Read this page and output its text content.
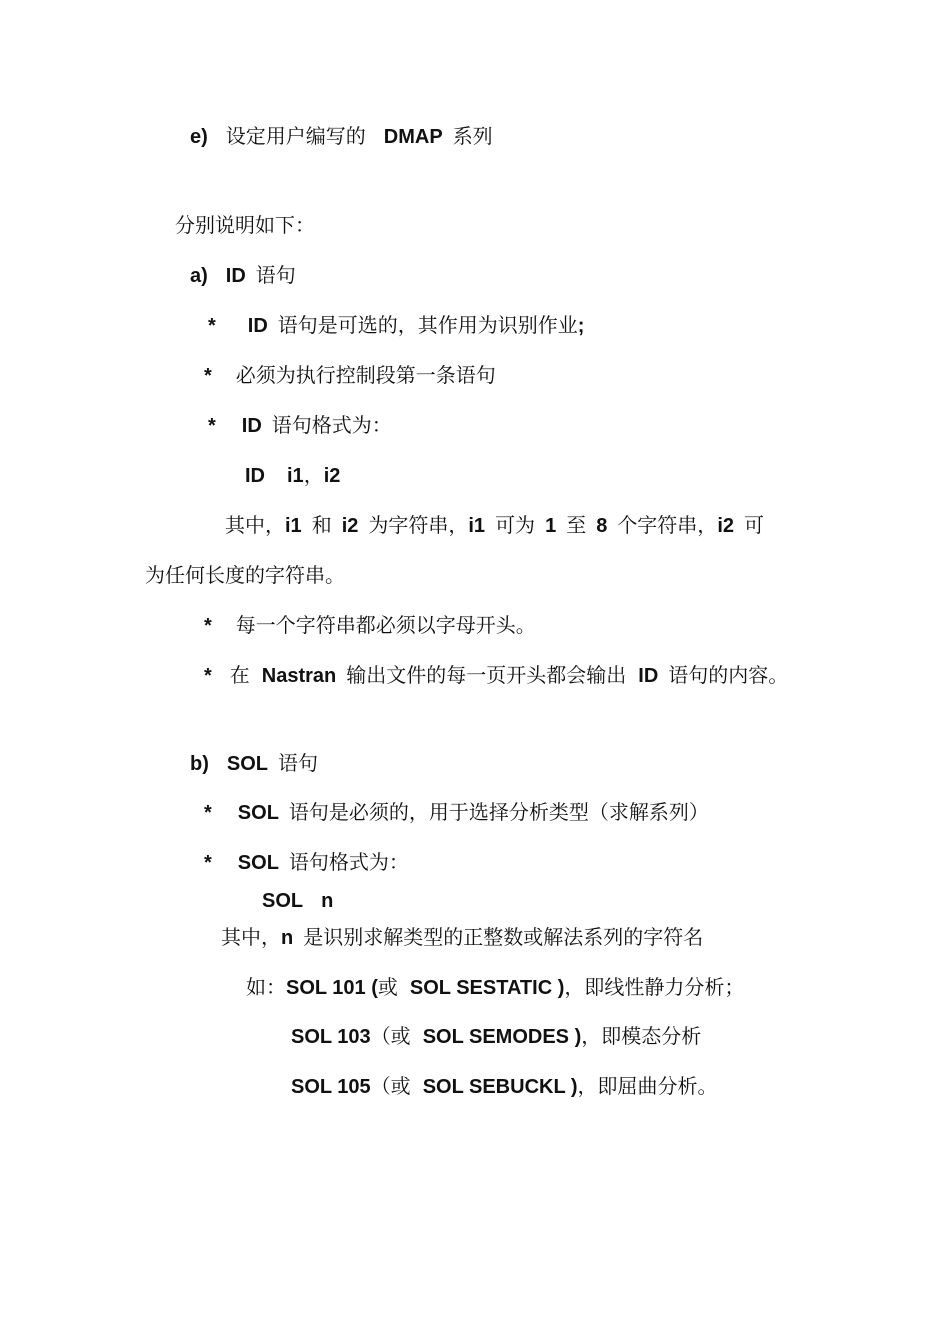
e) 设定用户编写的 DMAP 系列
分别说明如下：
a) ID 语句
* ID 语句是可选的，其作用为识别作业;
* 必须为执行控制段第一条语句
* ID 语句格式为：
ID i1，i2
其中，i1 和 i2 为字符串，i1 可为 1 至 8 个字符串，i2 可
为任何长度的字符串。
* 每一个字符串都必须以字母开头。
* 在 Nastran 输出文件的每一页开头都会输出 ID 语句的内容。
b) SOL 语句
* SOL 语句是必须的，用于选择分析类型（求解系列）
* SOL 语句格式为：
SOL n
其中，n 是识别求解类型的正整数或解法系列的字符名
如：SOL 101 (或 SOL SESTATIC )，即线性静力分析；
SOL 103（或 SOL SEMODES )，即模态分析
SOL 105（或 SOL SEBUCKL )，即屈曲分析。
